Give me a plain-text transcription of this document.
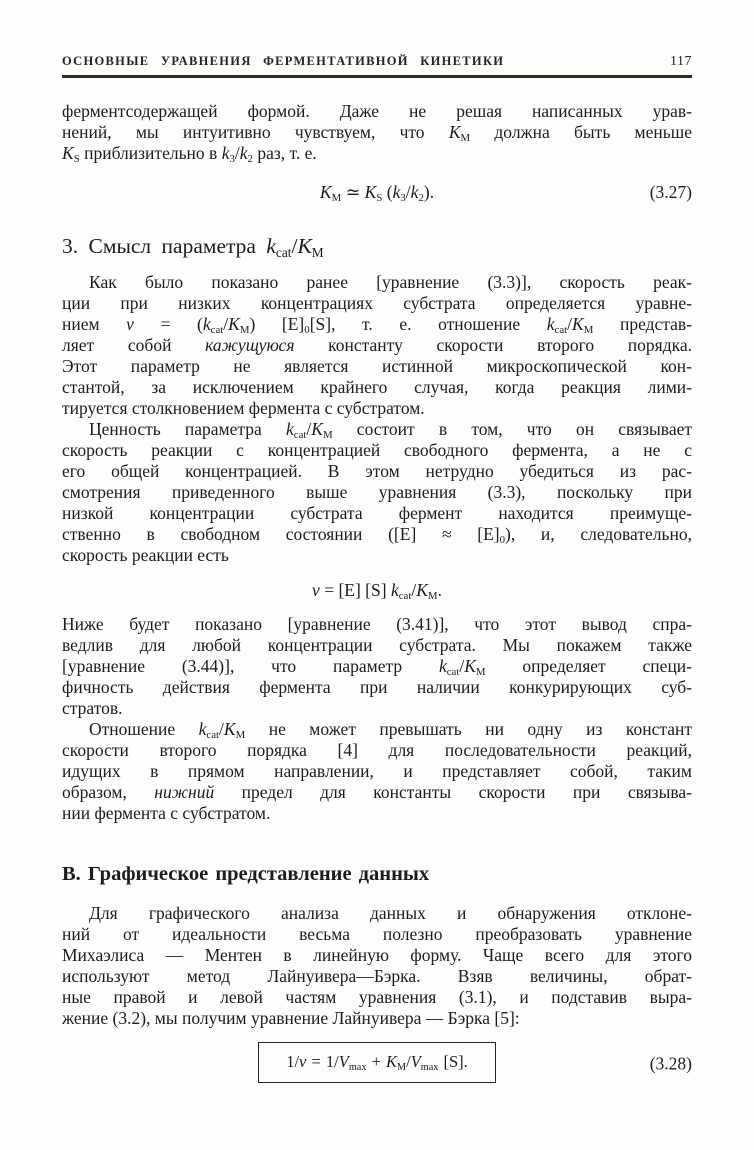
ОСНОВНЫЕ УРАВНЕНИЯ ФЕРМЕНТАТИВНОЙ КИНЕТИКИ	117
ферментсодержащей формой. Даже не решая написанных урав-
нений, мы интуитивно чувствуем, что $K_М$ должна быть меньше
$K_S$ приблизительно в $k_3/k_2$ раз, т. е.
$K_М$ ≃ $K_S$ $(k_3/k_2)$.	(3.27)
3. Смысл параметра $k_{cat}/K_М$
Как было показано ранее [уравнение (3.3)], скорость реак-
ции при низких концентрациях субстрата определяется уравне-
нием $v = (k_{cat}/K_М)$ $[E]_0[S]$, т. е. отношение $k_{cat}/K_М$ представ-
ляет собой кажущуюся константу скорости второго порядка.
Этот параметр не является истинной микроскопической кон-
стантой, за исключением крайнего случая, когда реакция лими-
тируется столкновением фермента с субстратом.
Ценность параметра $k_{cat}/K_М$ состоит в том, что он связывает
скорость реакции с концентрацией свободного фермента, а не с
его общей концентрацией. В этом нетрудно убедиться из рас-
смотрения приведенного выше уравнения (3.3), поскольку при
низкой концентрации субстрата фермент находится преимуще-
ственно в свободном состоянии $([E] \approx [E]_0)$, и, следовательно,
скорость реакции есть
v = [E] [S] $k_{cat}/K_М$.
Ниже будет показано [уравнение (3.41)], что этот вывод спра-
ведлив для любой концентрации субстрата. Мы покажем также
[уравнение (3.44)], что параметр $k_{cat}/K_М$ определяет специ-
фичность действия фермента при наличии конкурирующих суб-
стратов.
Отношение $k_{cat}/K_М$ не может превышать ни одну из констант
скорости второго порядка [4] для последовательности реакций,
идущих в прямом направлении, и представляет собой, таким
образом, нижний предел для константы скорости при связыва-
нии фермента с субстратом.
В. Графическое представление данных
Для графического анализа данных и обнаружения отклоне-
ний от идеальности весьма полезно преобразовать уравнение
Михаэлиса — Ментен в линейную форму. Чаще всего для этого
используют метод Лайнуивера—Бэрка. Взяв величины, обрат-
ные правой и левой частям уравнения (3.1), и подставив выра-
жение (3.2), мы получим уравнение Лайнуивера — Бэрка [5]:
$1/v = 1/V_{max} + K_М/V_{max}$ [S].	(3.28)
